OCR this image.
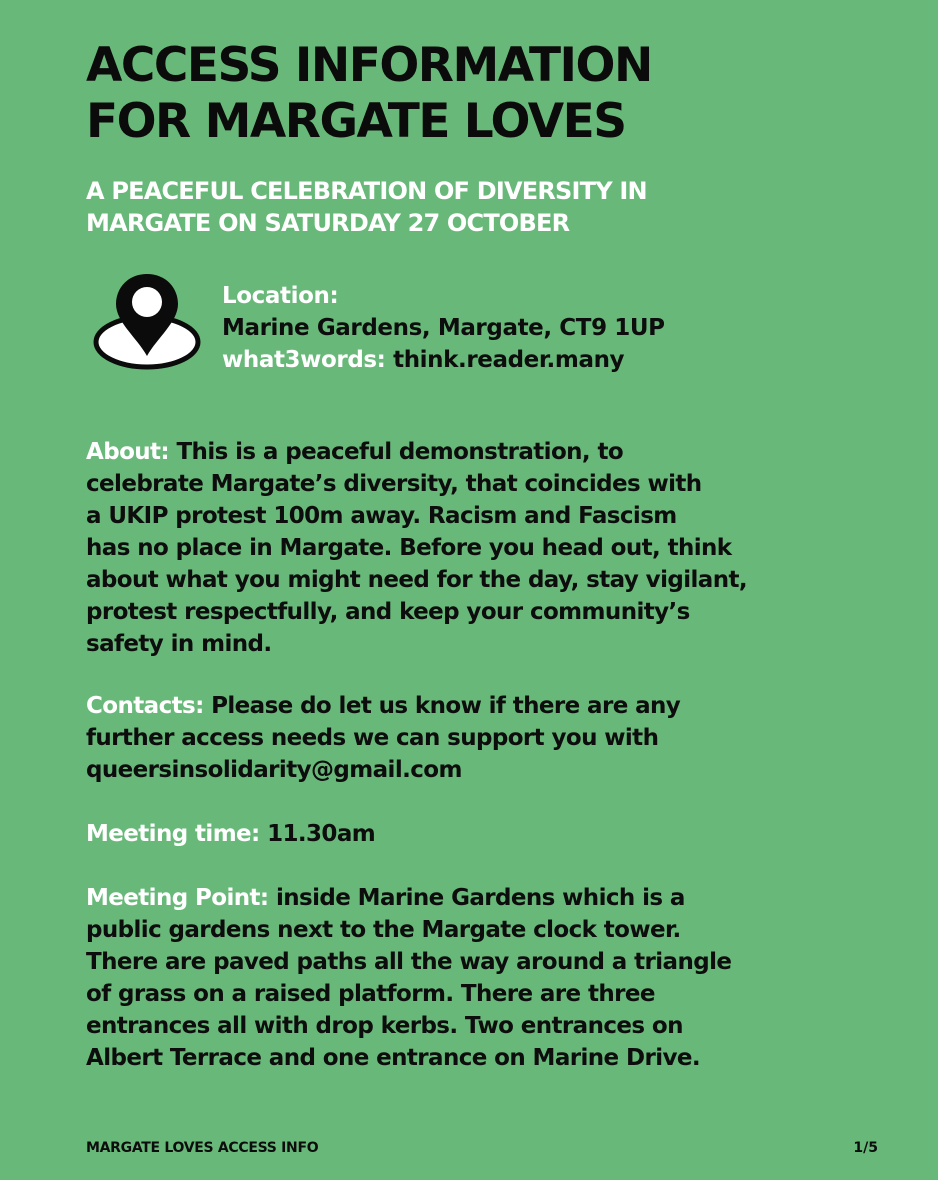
ACCESS INFORMATION
FOR MARGATE LOVES
A PEACEFUL CELEBRATION OF DIVERSITY IN
MARGATE ON SATURDAY 27 OCTOBER
Location:
Marine Gardens, Margate, CT9 1UP
what3words: think.reader.many
About: This is a peaceful demonstration, to
celebrate Margate’s diversity, that coincides with
a UKIP protest 100m away. Racism and Fascism
has no place in Margate. Before you head out, think
about what you might need for the day, stay vigilant,
protest respectfully, and keep your community’s
safety in mind.
Contacts: Please do let us know if there are any
further access needs we can support you with
queersinsolidarity@gmail.com
Meeting time: 11.30am
Meeting Point: inside Marine Gardens which is a
public gardens next to the Margate clock tower.
There are paved paths all the way around a triangle
of grass on a raised platform. There are three
entrances all with drop kerbs. Two entrances on
Albert Terrace and one entrance on Marine Drive.
MARGATE LOVES ACCESS INFO	1/5
